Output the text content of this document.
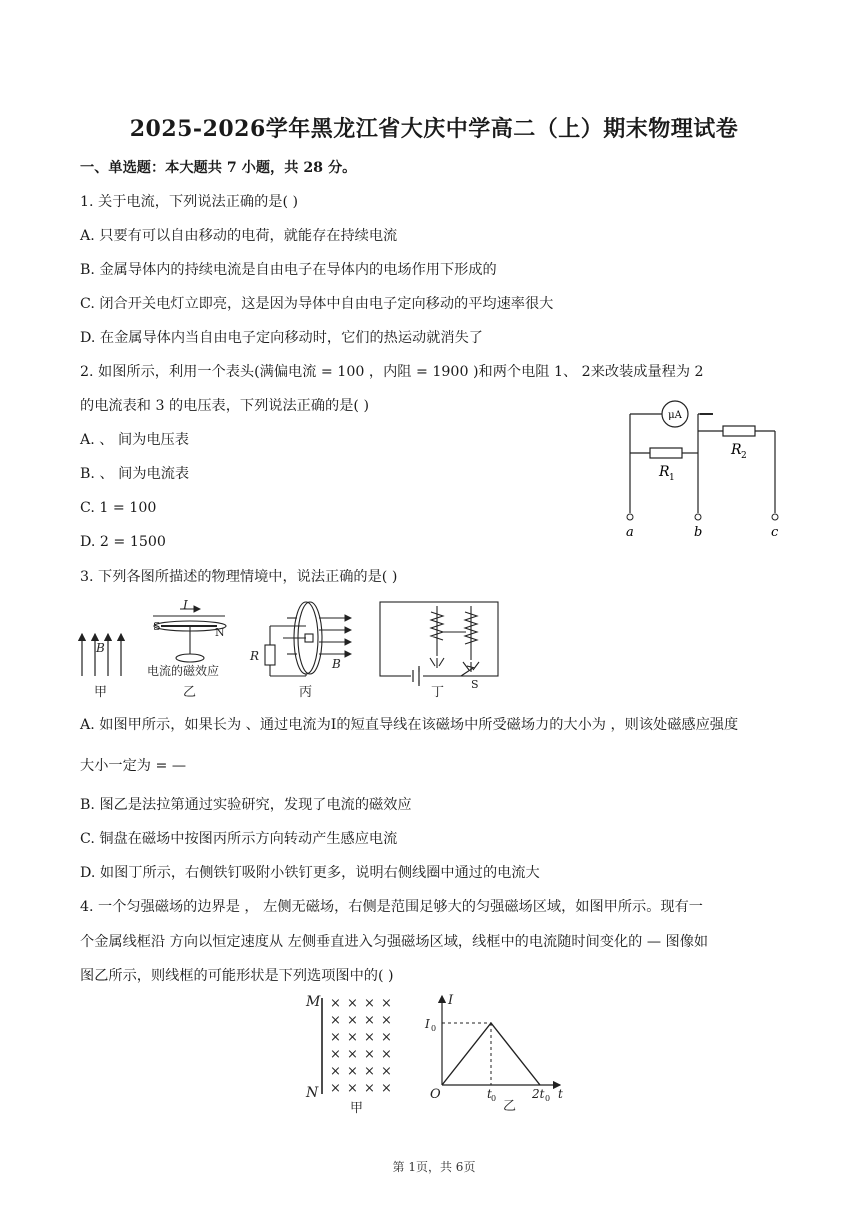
2025-2026学年黑龙江省大庆中学高二（上）期末物理试卷
一、单选题：本大题共 7 小题，共 28 分。
1. 关于电流，下列说法正确的是( )
A. 只要有可以自由移动的电荷，就能存在持续电流
B. 金属导体内的持续电流是自由电子在导体内的电场作用下形成的
C. 闭合开关电灯立即亮，这是因为导体中自由电子定向移动的平均速率很大
D. 在金属导体内当自由电子定向移动时，它们的热运动就消失了
2. 如图所示，利用一个表头(满偏电流 = 100 ，内阻 = 1900 )和两个电阻 1、 2来改装成量程为 2
的电流表和 3 的电压表，下列说法正确的是( )
A. 、 间为电压表
B. 、 间为电流表
C. 1 = 100
D. 2 = 1500
μA
R 1
R 2
a	b	c
3. 下列各图所描述的物理情境中，说法正确的是( )
B
甲
I
S	N
电流的磁效应
乙
R
B
丙
S
丁
A. 如图甲所示，如果长为 、通过电流为I的短直导线在该磁场中所受磁场力的大小为 ，则该处磁感应强度
大小一定为 = —
B. 图乙是法拉第通过实验研究，发现了电流的磁效应
C. 铜盘在磁场中按图丙所示方向转动产生感应电流
D. 如图丁所示，右侧铁钉吸附小铁钉更多，说明右侧线圈中通过的电流大
4. 一个匀强磁场的边界是 ， 左侧无磁场，右侧是范围足够大的匀强磁场区域，如图甲所示。现有一
个金属线框沿 方向以恒定速度从 左侧垂直进入匀强磁场区域，线框中的电流随时间变化的 — 图像如
图乙所示，则线框的可能形状是下列选项图中的( )
M
N
× × × ×
× × × ×
× × × ×
× × × ×
× × × ×
× × × ×
甲
I
I 0
O	t 0	2t 0 t
乙
第 1页，共 6页
